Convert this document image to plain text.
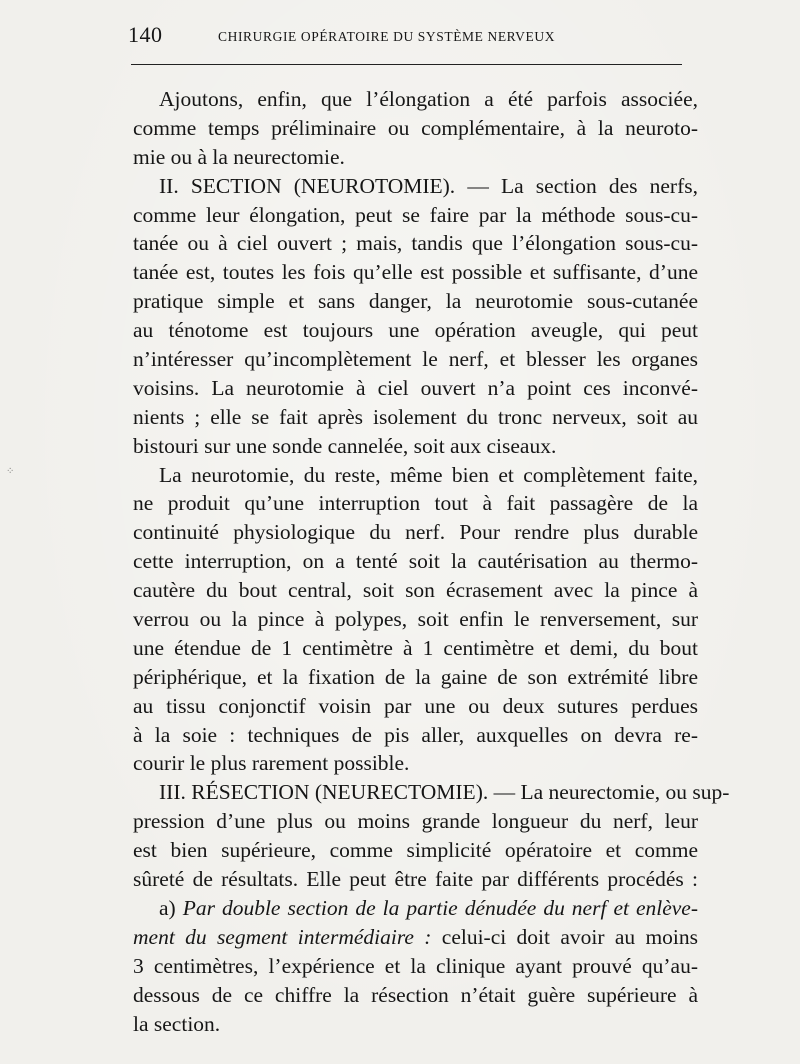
140	CHIRURGIE OPÉRATOIRE DU SYSTÈME NERVEUX
⁘
Ajoutons, enfin, que l’élongation a été parfois associée,
comme temps préliminaire ou complémentaire, à la neuroto-
mie ou à la neurectomie.
II. SECTION (NEUROTOMIE). — La section des nerfs,
comme leur élongation, peut se faire par la méthode sous-cu-
tanée ou à ciel ouvert ; mais, tandis que l’élongation sous-cu-
tanée est, toutes les fois qu’elle est possible et suffisante, d’une
pratique simple et sans danger, la neurotomie sous-cutanée
au ténotome est toujours une opération aveugle, qui peut
n’intéresser qu’incomplètement le nerf, et blesser les organes
voisins. La neurotomie à ciel ouvert n’a point ces inconvé-
nients ; elle se fait après isolement du tronc nerveux, soit au
bistouri sur une sonde cannelée, soit aux ciseaux.
La neurotomie, du reste, même bien et complètement faite,
ne produit qu’une interruption tout à fait passagère de la
continuité physiologique du nerf. Pour rendre plus durable
cette interruption, on a tenté soit la cautérisation au thermo-
cautère du bout central, soit son écrasement avec la pince à
verrou ou la pince à polypes, soit enfin le renversement, sur
une étendue de 1 centimètre à 1 centimètre et demi, du bout
périphérique, et la fixation de la gaine de son extrémité libre
au tissu conjonctif voisin par une ou deux sutures perdues
à la soie : techniques de pis aller, auxquelles on devra re-
courir le plus rarement possible.
III. RÉSECTION (NEURECTOMIE). — La neurectomie, ou sup-
pression d’une plus ou moins grande longueur du nerf, leur
est bien supérieure, comme simplicité opératoire et comme
sûreté de résultats. Elle peut être faite par différents procédés :
a) Par double section de la partie dénudée du nerf et enlève-
ment du segment intermédiaire : celui-ci doit avoir au moins
3 centimètres, l’expérience et la clinique ayant prouvé qu’au-
dessous de ce chiffre la résection n’était guère supérieure à
la section.
